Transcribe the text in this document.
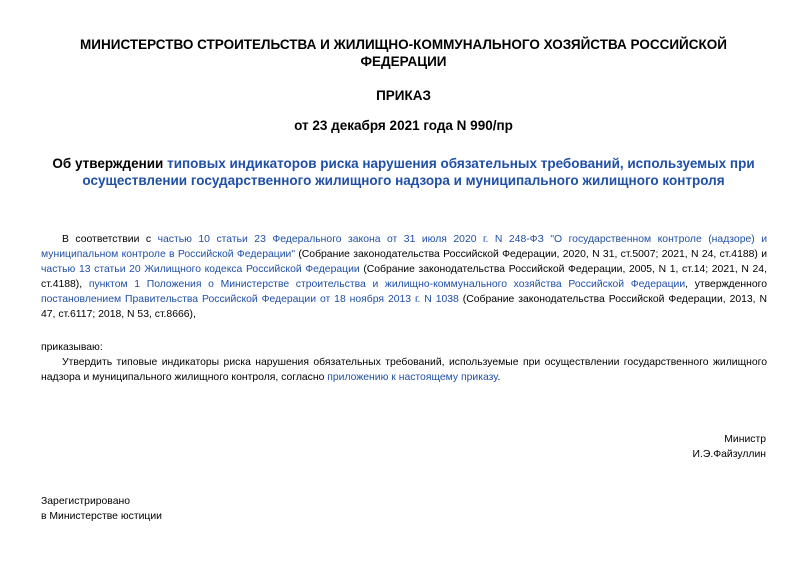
МИНИСТЕРСТВО СТРОИТЕЛЬСТВА И ЖИЛИЩНО-КОММУНАЛЬНОГО ХОЗЯЙСТВА РОССИЙСКОЙ ФЕДЕРАЦИИ
ПРИКАЗ
от 23 декабря 2021 года N 990/пр
Об утверждении типовых индикаторов риска нарушения обязательных требований, используемых при осуществлении государственного жилищного надзора и муниципального жилищного контроля
В соответствии с частью 10 статьи 23 Федерального закона от 31 июля 2020 г. N 248-ФЗ "О государственном контроле (надзоре) и муниципальном контроле в Российской Федерации" (Собрание законодательства Российской Федерации, 2020, N 31, ст.5007; 2021, N 24, ст.4188) и частью 13 статьи 20 Жилищного кодекса Российской Федерации (Собрание законодательства Российской Федерации, 2005, N 1, ст.14; 2021, N 24, ст.4188), пунктом 1 Положения о Министерстве строительства и жилищно-коммунального хозяйства Российской Федерации, утвержденного постановлением Правительства Российской Федерации от 18 ноября 2013 г. N 1038 (Собрание законодательства Российской Федерации, 2013, N 47, ст.6117; 2018, N 53, ст.8666),
приказываю:
Утвердить типовые индикаторы риска нарушения обязательных требований, используемые при осуществлении государственного жилищного надзора и муниципального жилищного контроля, согласно приложению к настоящему приказу.
Министр
И.Э.Файзуллин
Зарегистрировано
в Министерстве юстиции
